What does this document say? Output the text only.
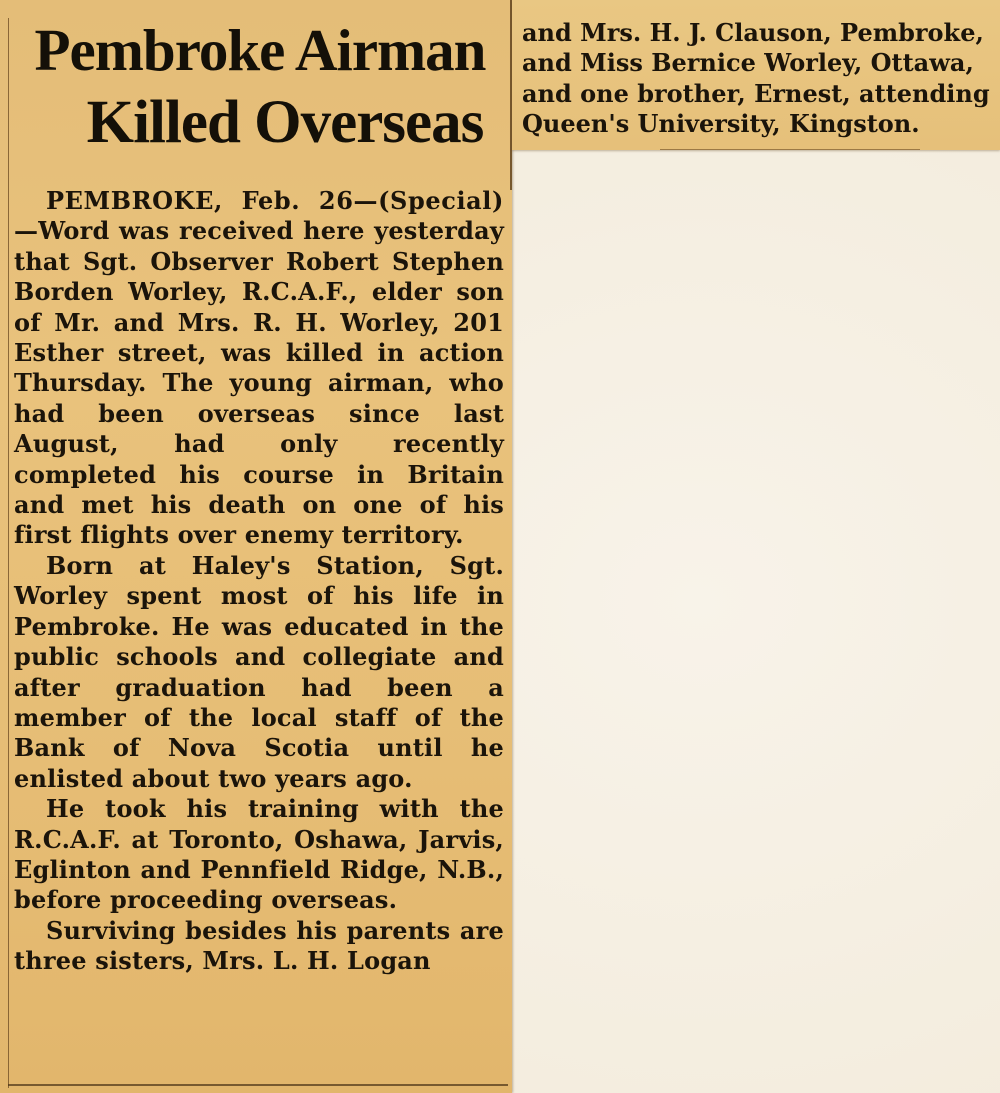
Pembroke Airman
Killed Overseas

PEMBROKE, Feb. 26—(Special) —Word was received here yesterday that Sgt. Observer Robert Stephen Borden Worley, R.C.A.F., elder son of Mr. and Mrs. R. H. Worley, 201 Esther street, was killed in action Thursday. The young airman, who had been overseas since last August, had only recently completed his course in Britain and met his death on one of his first flights over enemy territory.

Born at Haley's Station, Sgt. Worley spent most of his life in Pembroke. He was educated in the public schools and collegiate and after graduation had been a member of the local staff of the Bank of Nova Scotia until he enlisted about two years ago.

He took his training with the R.C.A.F. at Toronto, Oshawa, Jarvis, Eglinton and Pennfield Ridge, N.B., before proceeding overseas.

Surviving besides his parents are three sisters, Mrs. L. H. Logan

and Mrs. H. J. Clauson, Pembroke,
and Miss Bernice Worley, Ottawa,
and one brother, Ernest, attending
Queen's University, Kingston.
